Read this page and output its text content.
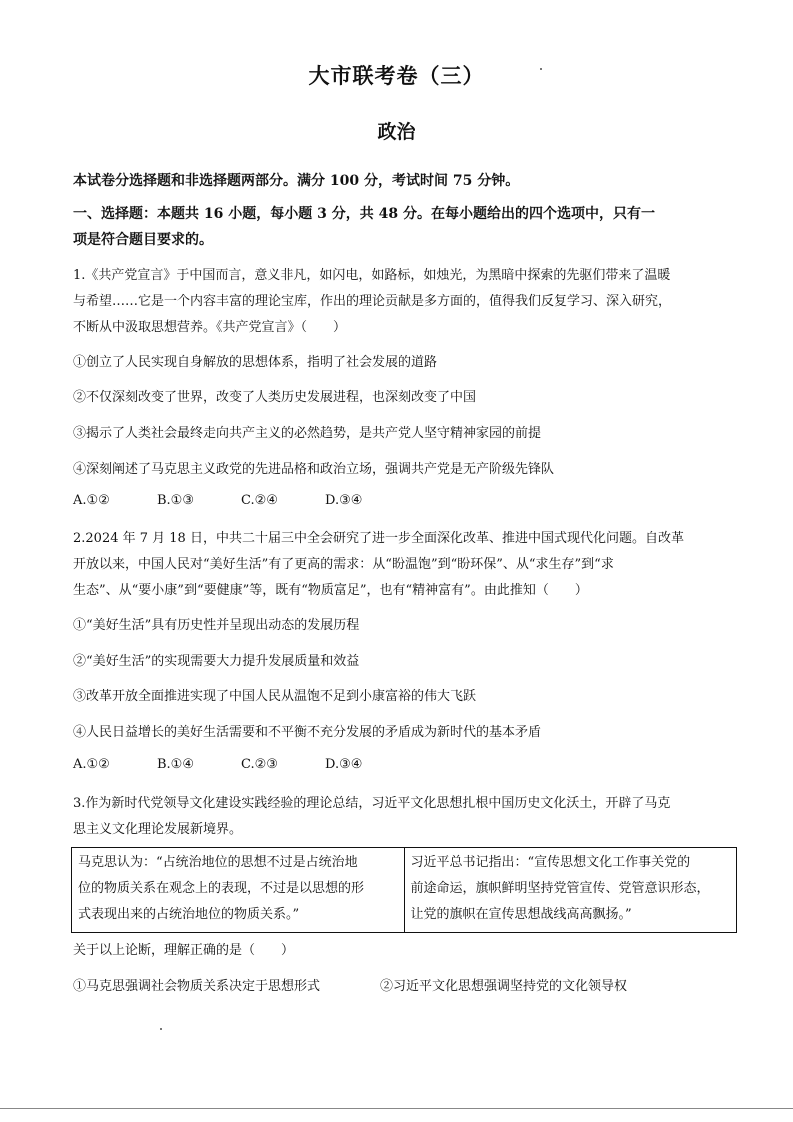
大市联考卷（三）
政治
本试卷分选择题和非选择题两部分。满分 100 分，考试时间 75 分钟。
一、选择题：本题共 16 小题，每小题 3 分，共 48 分。在每小题给出的四个选项中，只有一
项是符合题目要求的。
1.《共产党宣言》于中国而言，意义非凡，如闪电，如路标，如烛光，为黑暗中探索的先驱们带来了温暖
与希望……它是一个内容丰富的理论宝库，作出的理论贡献是多方面的，值得我们反复学习、深入研究，
不断从中汲取思想营养。《共产党宣言》（　　）
①创立了人民实现自身解放的思想体系，指明了社会发展的道路
②不仅深刻改变了世界，改变了人类历史发展进程，也深刻改变了中国
③揭示了人类社会最终走向共产主义的必然趋势，是共产党人坚守精神家园的前提
④深刻阐述了马克思主义政党的先进品格和政治立场，强调共产党是无产阶级先锋队
A.①②	B.①③	C.②④	D.③④
2.2024 年 7 月 18 日，中共二十届三中全会研究了进一步全面深化改革、推进中国式现代化问题。自改革
开放以来，中国人民对“美好生活”有了更高的需求：从“盼温饱”到“盼环保”、从“求生存”到“求
生态”、从“要小康”到“要健康”等，既有“物质富足”，也有“精神富有”。由此推知（　　）
①“美好生活”具有历史性并呈现出动态的发展历程
②“美好生活”的实现需要大力提升发展质量和效益
③改革开放全面推进实现了中国人民从温饱不足到小康富裕的伟大飞跃
④人民日益增长的美好生活需要和不平衡不充分发展的矛盾成为新时代的基本矛盾
A.①②	B.①④	C.②③	D.③④
3.作为新时代党领导文化建设实践经验的理论总结，习近平文化思想扎根中国历史文化沃土，开辟了马克
思主义文化理论发展新境界。
马克思认为：“占统治地位的思想不过是占统治地
位的物质关系在观念上的表现，不过是以思想的形
式表现出来的占统治地位的物质关系。”

习近平总书记指出：“宣传思想文化工作事关党的
前途命运，旗帜鲜明坚持党管宣传、党管意识形态，
让党的旗帜在宣传思想战线高高飘扬。”
关于以上论断，理解正确的是（　　）
①马克思强调社会物质关系决定于思想形式	②习近平文化思想强调坚持党的文化领导权
